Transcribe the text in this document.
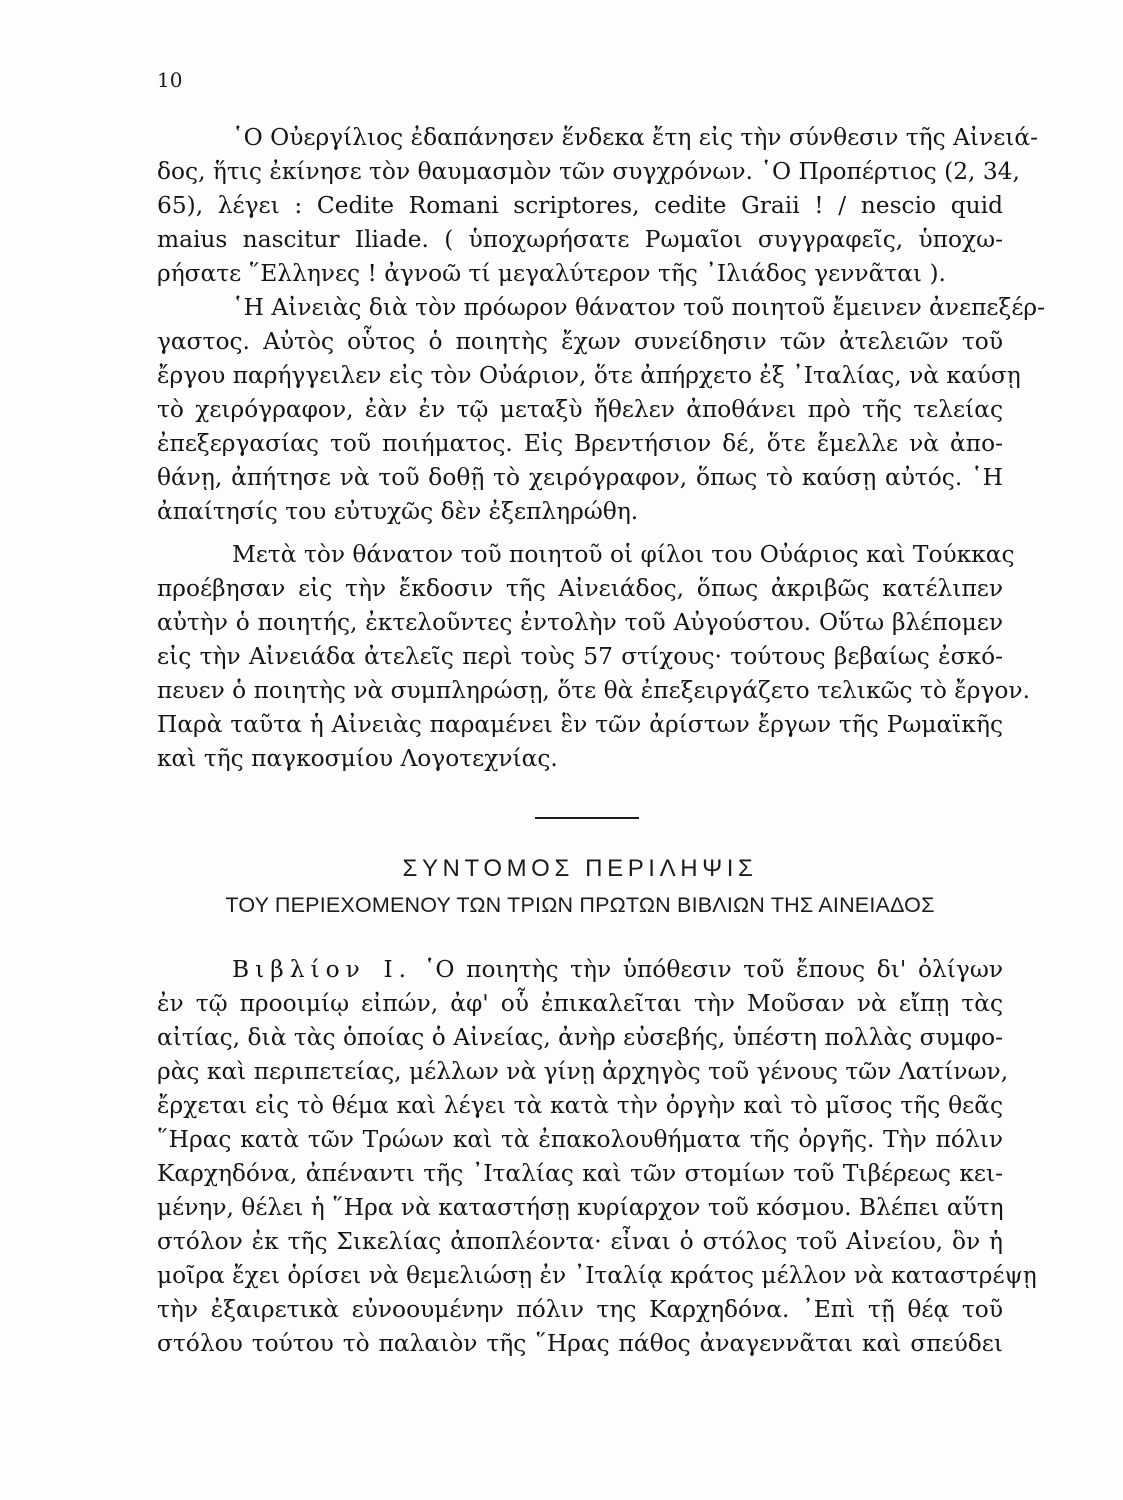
10

῾Ο Οὐεργίλιος ἐδαπάνησεν ἕνδεκα ἔτη εἰς τὴν σύνθεσιν τῆς Αἰνειά-
δος, ἥτις ἐκίνησε τὸν θαυμασμὸν τῶν συγχρόνων. ῾Ο Προπέρτιος (2, 34,
65), λέγει : Cedite Romani scriptores, cedite Graii ! / nescio quid
maius nascitur Iliade. ( ὑποχωρήσατε Ρωμαῖοι συγγραφεῖς, ὑποχω-
ρήσατε ῞Ελληνες ! ἀγνοῶ τί μεγαλύτερον τῆς ᾿Ιλιάδος γεννᾶται ).

῾Η Αἰνειὰς διὰ τὸν πρόωρον θάνατον τοῦ ποιητοῦ ἔμεινεν ἀνεπεξέρ-
γαστος. Αὐτὸς οὗτος ὁ ποιητὴς ἔχων συνείδησιν τῶν ἀτελειῶν τοῦ
ἔργου παρήγγειλεν εἰς τὸν Οὐάριον, ὅτε ἀπήρχετο ἐξ ᾿Ιταλίας, νὰ καύσῃ
τὸ χειρόγραφον, ἐὰν ἐν τῷ μεταξὺ ἤθελεν ἀποθάνει πρὸ τῆς τελείας
ἐπεξεργασίας τοῦ ποιήματος. Εἰς Βρεντήσιον δέ, ὅτε ἔμελλε νὰ ἀπο-
θάνῃ, ἀπήτησε νὰ τοῦ δοθῇ τὸ χειρόγραφον, ὅπως τὸ καύσῃ αὐτός. ῾Η
ἀπαίτησίς του εὐτυχῶς δὲν ἐξεπληρώθη.

Μετὰ τὸν θάνατον τοῦ ποιητοῦ οἱ φίλοι του Οὐάριος καὶ Τούκκας
προέβησαν εἰς τὴν ἔκδοσιν τῆς Αἰνειάδος, ὅπως ἀκριβῶς κατέλιπεν
αὐτὴν ὁ ποιητής, ἐκτελοῦντες ἐντολὴν τοῦ Αὐγούστου. Οὕτω βλέπομεν
εἰς τὴν Αἰνειάδα ἀτελεῖς περὶ τοὺς 57 στίχους· τούτους βεβαίως ἐσκό-
πευεν ὁ ποιητὴς νὰ συμπληρώσῃ, ὅτε θὰ ἐπεξειργάζετο τελικῶς τὸ ἔργον.
Παρὰ ταῦτα ἡ Αἰνειὰς παραμένει ἓν τῶν ἀρίστων ἔργων τῆς Ρωμαϊκῆς
καὶ τῆς παγκοσμίου Λογοτεχνίας.

ΣΥΝΤΟΜΟΣ ΠΕΡΙΛΗΨΙΣ
ΤΟΥ ΠΕΡΙΕΧΟΜΕΝΟΥ ΤΩΝ ΤΡΙΩΝ ΠΡΩΤΩΝ ΒΙΒΛΙΩΝ ΤΗΣ ΑΙΝΕΙΑΔΟΣ

Βιβλίον Ι. ῾Ο ποιητὴς τὴν ὑπόθεσιν τοῦ ἔπους δι' ὀλίγων
ἐν τῷ προοιμίῳ εἰπών, ἀφ' οὗ ἐπικαλεῖται τὴν Μοῦσαν νὰ εἴπῃ τὰς
αἰτίας, διὰ τὰς ὁποίας ὁ Αἰνείας, ἀνὴρ εὐσεβής, ὑπέστη πολλὰς συμφο-
ρὰς καὶ περιπετείας, μέλλων νὰ γίνῃ ἀρχηγὸς τοῦ γένους τῶν Λατίνων,
ἔρχεται εἰς τὸ θέμα καὶ λέγει τὰ κατὰ τὴν ὀργὴν καὶ τὸ μῖσος τῆς θεᾶς
῞Ηρας κατὰ τῶν Τρώων καὶ τὰ ἐπακολουθήματα τῆς ὀργῆς. Τὴν πόλιν
Καρχηδόνα, ἀπέναντι τῆς ᾿Ιταλίας καὶ τῶν στομίων τοῦ Τιβέρεως κει-
μένην, θέλει ἡ ῞Ηρα νὰ καταστήσῃ κυρίαρχον τοῦ κόσμου. Βλέπει αὕτη
στόλον ἐκ τῆς Σικελίας ἀποπλέοντα· εἶναι ὁ στόλος τοῦ Αἰνείου, ὃν ἡ
μοῖρα ἔχει ὁρίσει νὰ θεμελιώσῃ ἐν ᾿Ιταλίᾳ κράτος μέλλον νὰ καταστρέψῃ
τὴν ἐξαιρετικὰ εὐνοουμένην πόλιν της Καρχηδόνα. ᾿Επὶ τῇ θέᾳ τοῦ
στόλου τούτου τὸ παλαιὸν τῆς ῞Ηρας πάθος ἀναγεννᾶται καὶ σπεύδει
